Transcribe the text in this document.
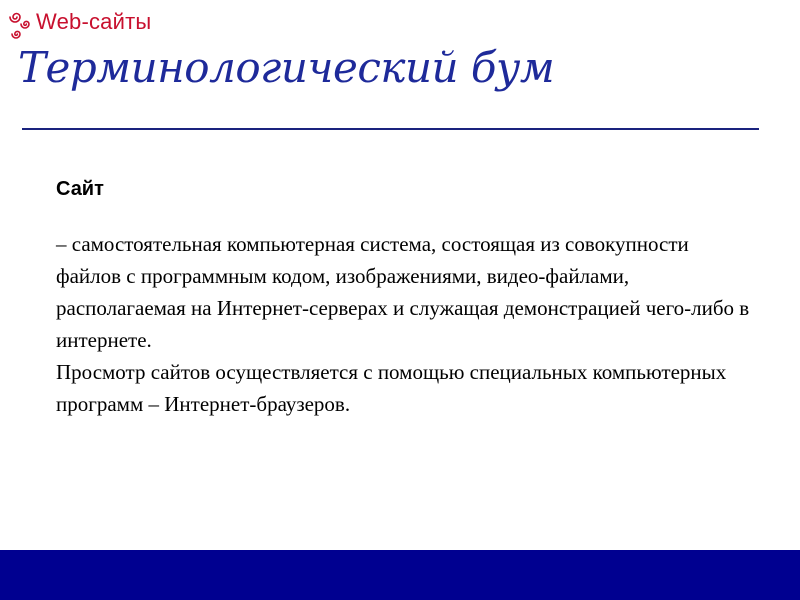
Web-сайты
Терминологический бум
Сайт

– самостоятельная компьютерная система, состоящая из совокупности файлов с программным кодом, изображениями, видео-файлами, располагаемая на Интернет-серверах и служащая демонстрацией чего-либо в интернете.

Просмотр сайтов осуществляется с помощью специальных компьютерных программ – Интернет-браузеров.
